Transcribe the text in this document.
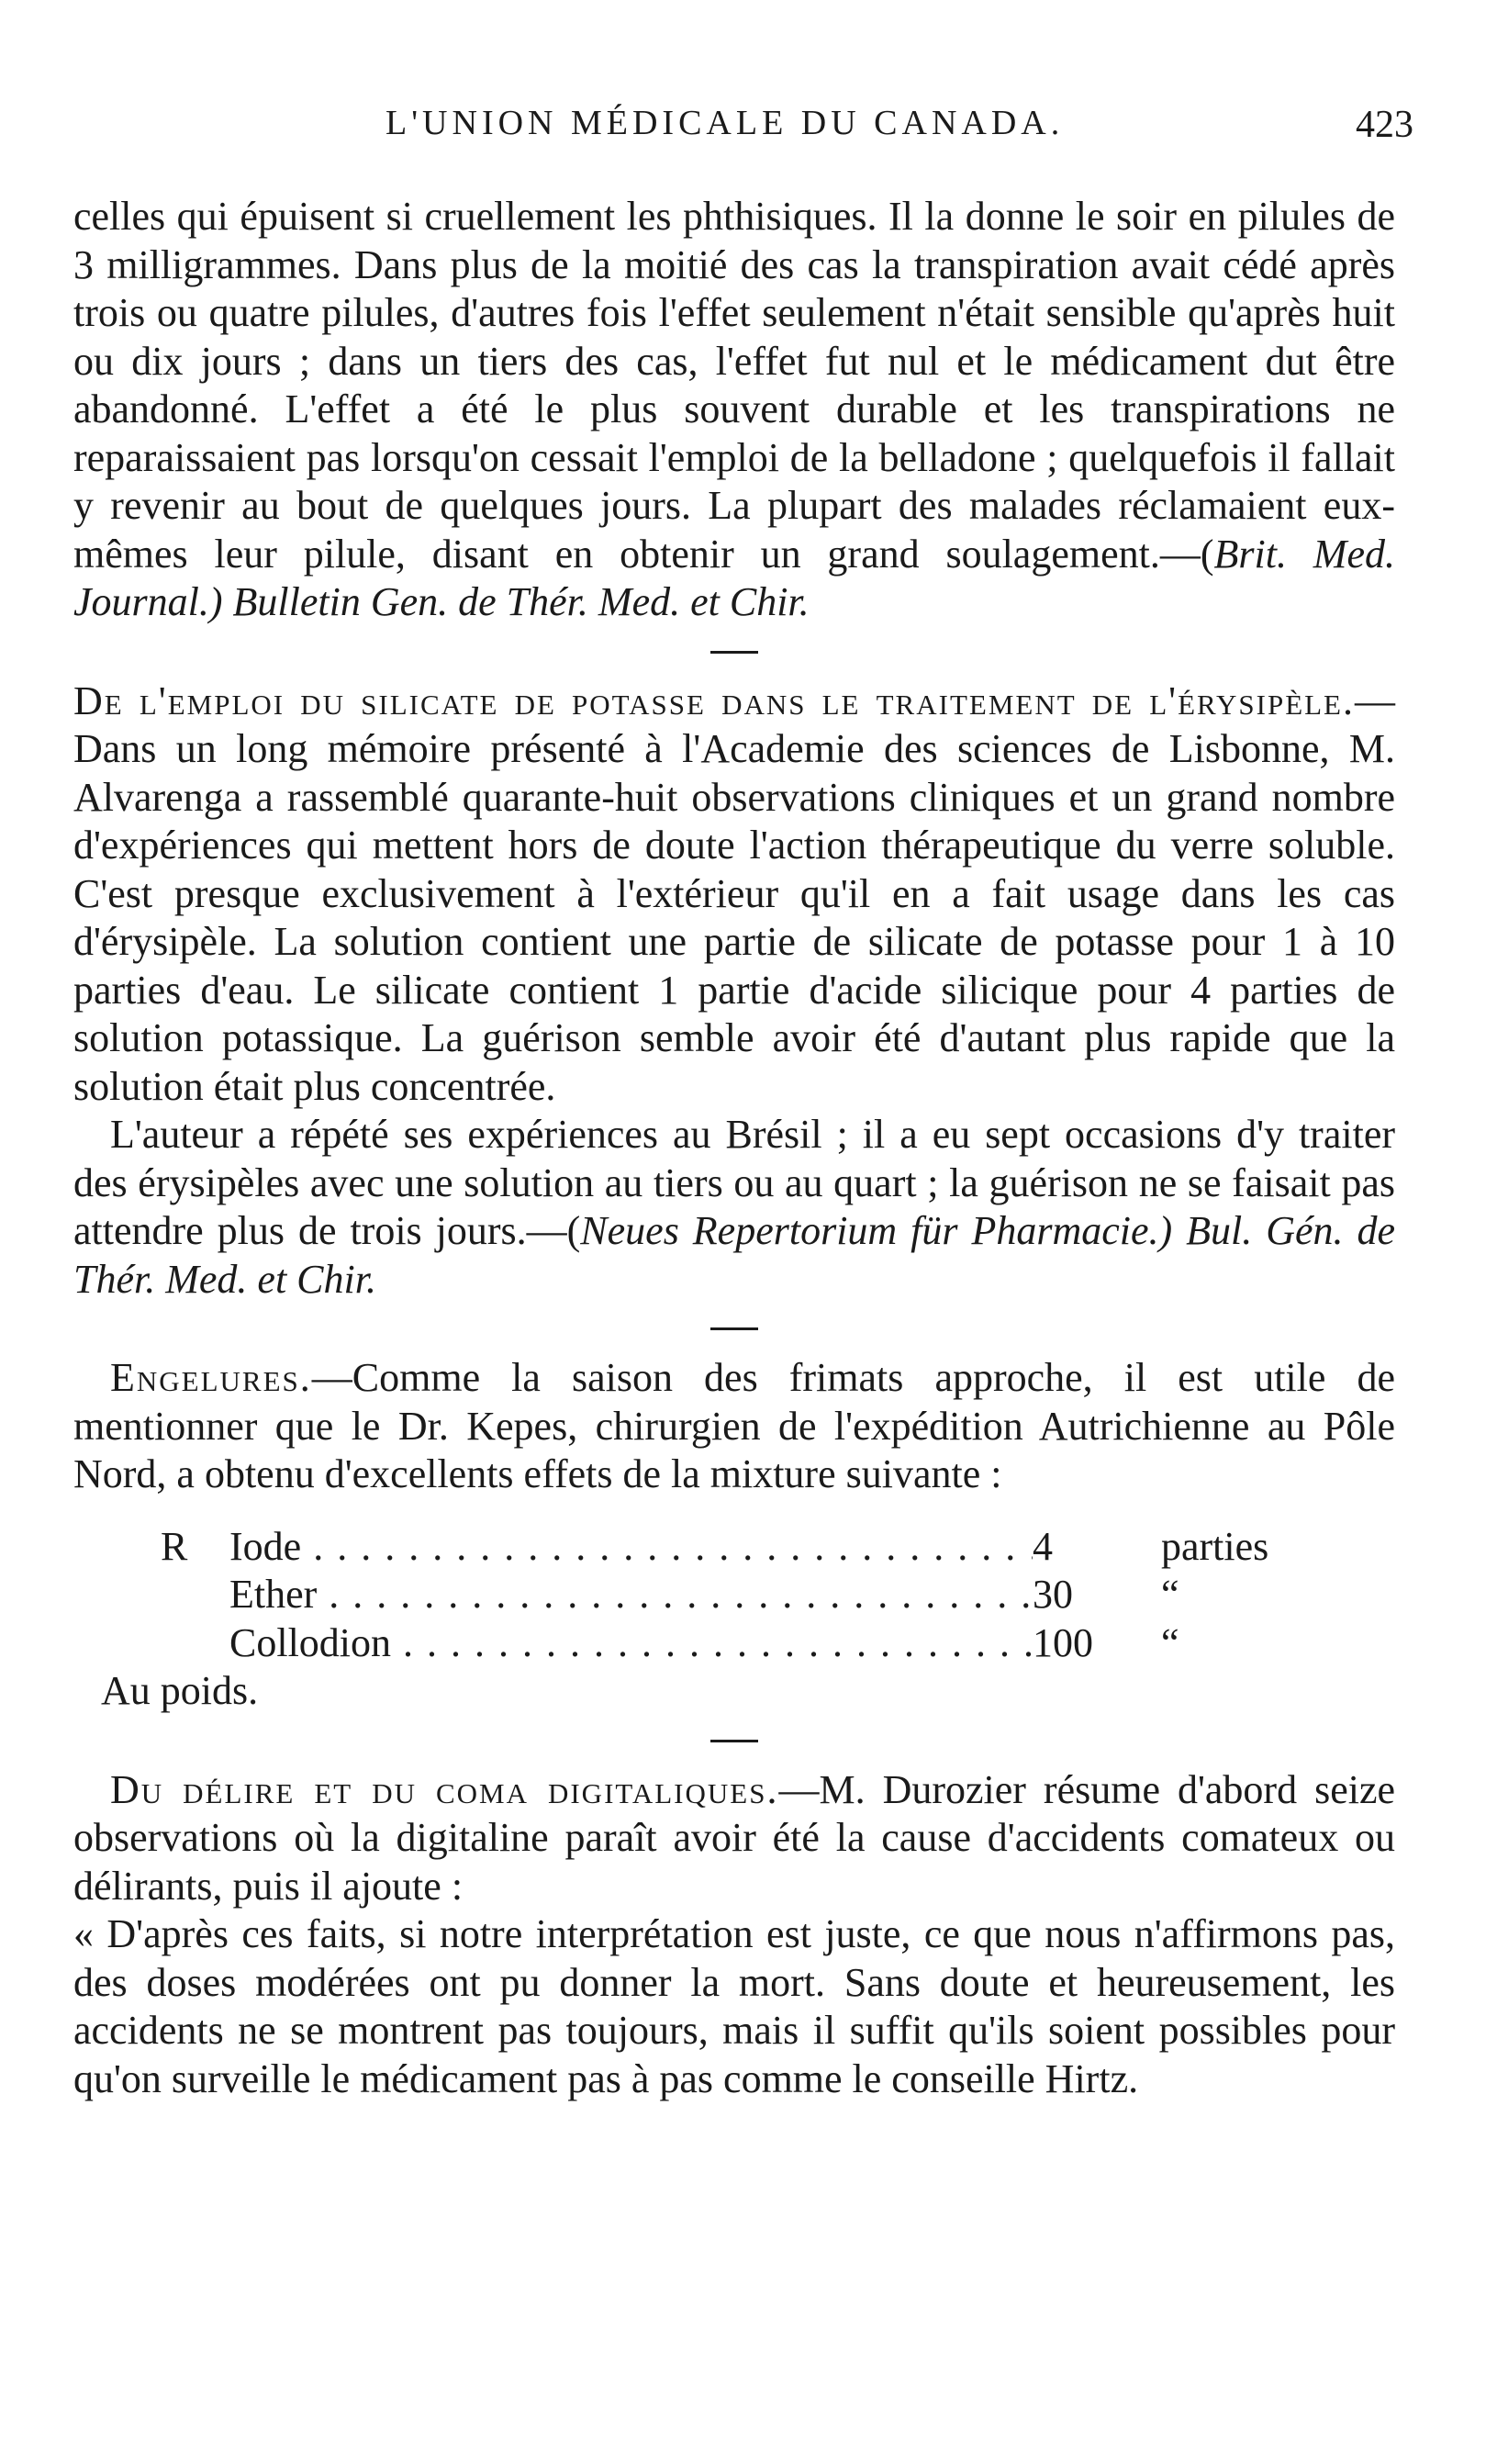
L'UNION MÉDICALE DU CANADA.	423

celles qui épuisent si cruellement les phthisiques. Il la donne le soir en pilules de 3 milligrammes. Dans plus de la moitié des cas la transpiration avait cédé après trois ou quatre pilules, d'autres fois l'effet seulement n'était sensible qu'après huit ou dix jours ; dans un tiers des cas, l'effet fut nul et le médicament dut être abandonné. L'effet a été le plus souvent durable et les transpirations ne reparaissaient pas lorsqu'on cessait l'emploi de la belladone ; quelquefois il fallait y revenir au bout de quelques jours. La plupart des malades réclamaient eux-mêmes leur pilule, disant en obtenir un grand soulagement.—(Brit. Med. Journal.) Bulletin Gen. de Thér. Med. et Chir.

De l'emploi du silicate de potasse dans le traitement de l'érysipèle.—Dans un long mémoire présenté à l'Academie des sciences de Lisbonne, M. Alvarenga a rassemblé quarante-huit observations cliniques et un grand nombre d'expériences qui mettent hors de doute l'action thérapeutique du verre soluble. C'est presque exclusivement à l'extérieur qu'il en a fait usage dans les cas d'érysipèle. La solution contient une partie de silicate de potasse pour 1 à 10 parties d'eau. Le silicate contient 1 partie d'acide silicique pour 4 parties de solution potassique. La guérison semble avoir été d'autant plus rapide que la solution était plus concentrée.

L'auteur a répété ses expériences au Brésil ; il a eu sept occasions d'y traiter des érysipèles avec une solution au tiers ou au quart ; la guérison ne se faisait pas attendre plus de trois jours.—(Neues Repertorium für Pharmacie.) Bul. Gén. de Thér. Med. et Chir.

Engelures.—Comme la saison des frimats approche, il est utile de mentionner que le Dr. Kepes, chirurgien de l'expédition Autrichienne au Pôle Nord, a obtenu d'excellents effets de la mixture suivante :

R	Iode . . .	4	parties
Ether . . .	30	“
Collodion . . .	100	“

Au poids.

Du délire et du coma digitaliques.—M. Durozier résume d'abord seize observations où la digitaline paraît avoir été la cause d'accidents comateux ou délirants, puis il ajoute :

« D'après ces faits, si notre interprétation est juste, ce que nous n'affirmons pas, des doses modérées ont pu donner la mort. Sans doute et heureusement, les accidents ne se montrent pas toujours, mais il suffit qu'ils soient possibles pour qu'on surveille le médicament pas à pas comme le conseille Hirtz.
